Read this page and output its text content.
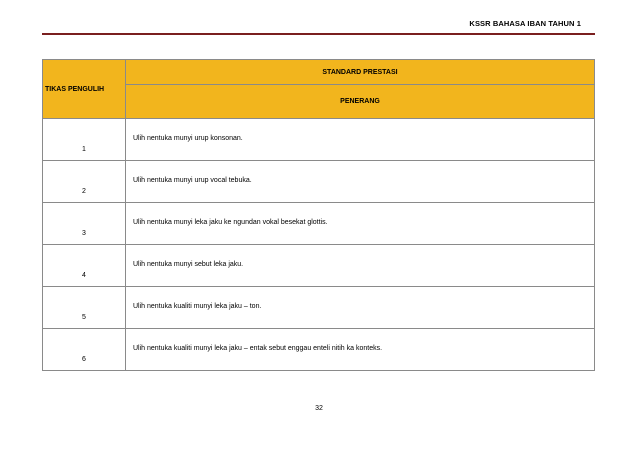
KSSR BAHASA IBAN TAHUN 1
TIKAS PENGULIH	STANDARD PRESTASI
	PENERANG
1	Ulih nentuka munyi urup konsonan.
2	Ulih nentuka munyi urup vocal tebuka.
3	Ulih nentuka munyi leka jaku ke ngundan vokal besekat glottis.
4	Ulih nentuka munyi sebut leka jaku.
5	Ulih nentuka kualiti munyi leka jaku – ton.
6	Ulih nentuka kualiti munyi leka jaku – entak sebut enggau enteli nitih ka konteks.
32
